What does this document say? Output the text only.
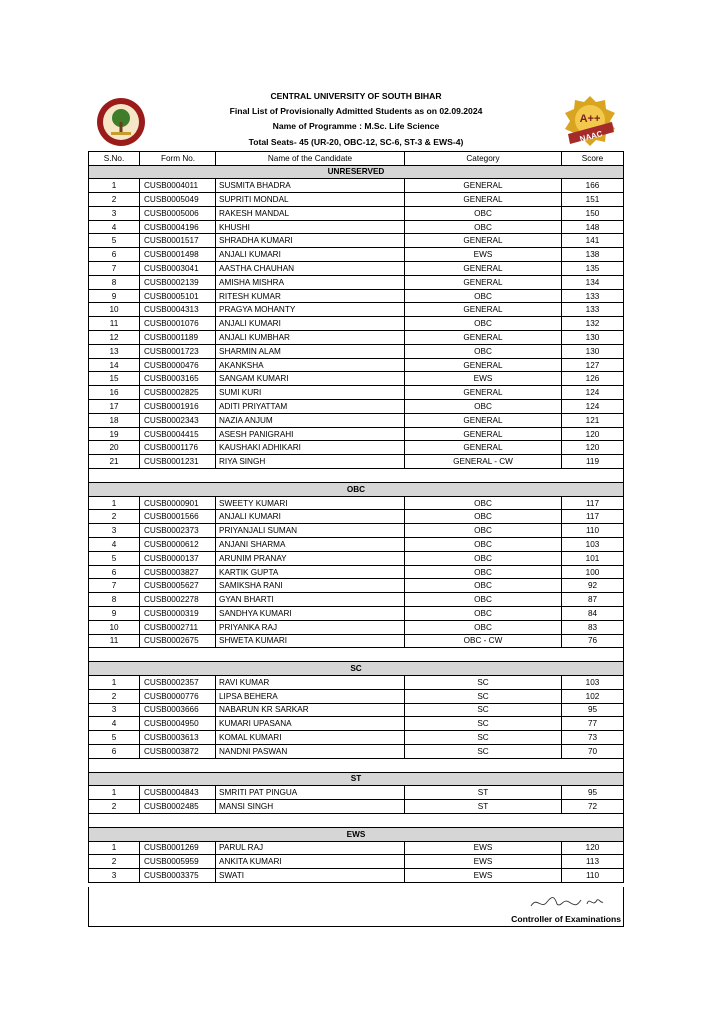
A++
NAAC
CENTRAL UNIVERSITY OF SOUTH BIHAR
Final List of Provisionally Admitted Students as on 02.09.2024
Name of Programme : M.Sc. Life Science
Total Seats- 45 (UR-20, OBC-12, SC-6, ST-3 & EWS-4)
S.No.	Form No.	Name of the Candidate	Category	Score
UNRESERVED				
1	CUSB0004011	SUSMITA BHADRA	GENERAL	166
2	CUSB0005049	SUPRITI MONDAL	GENERAL	151
3	CUSB0005006	RAKESH MANDAL	OBC	150
4	CUSB0004196	KHUSHI	OBC	148
5	CUSB0001517	SHRADHA KUMARI	GENERAL	141
6	CUSB0001498	ANJALI KUMARI	EWS	138
7	CUSB0003041	AASTHA CHAUHAN	GENERAL	135
8	CUSB0002139	AMISHA MISHRA	GENERAL	134
9	CUSB0005101	RITESH KUMAR	OBC	133
10	CUSB0004313	PRAGYA MOHANTY	GENERAL	133
11	CUSB0001076	ANJALI KUMARI	OBC	132
12	CUSB0001189	ANJALI KUMBHAR	GENERAL	130
13	CUSB0001723	SHARMIN ALAM	OBC	130
14	CUSB0000476	AKANKSHA	GENERAL	127
15	CUSB0003165	SANGAM KUMARI	EWS	126
16	CUSB0002825	SUMI KURI	GENERAL	124
17	CUSB0001916	ADITI PRIYATTAM	OBC	124
18	CUSB0002343	NAZIA ANJUM	GENERAL	121
19	CUSB0004415	ASESH PANIGRAHI	GENERAL	120
20	CUSB0001176	KAUSHAKI ADHIKARI	GENERAL	120
21	CUSB0001231	RIYA SINGH	GENERAL - CW	119

OBC				
1	CUSB0000901	SWEETY KUMARI	OBC	117
2	CUSB0001566	ANJALI KUMARI	OBC	117
3	CUSB0002373	PRIYANJALI SUMAN	OBC	110
4	CUSB0000612	ANJANI SHARMA	OBC	103
5	CUSB0000137	ARUNIM PRANAY	OBC	101
6	CUSB0003827	KARTIK GUPTA	OBC	100
7	CUSB0005627	SAMIKSHA RANI	OBC	92
8	CUSB0002278	GYAN BHARTI	OBC	87
9	CUSB0000319	SANDHYA KUMARI	OBC	84
10	CUSB0002711	PRIYANKA RAJ	OBC	83
11	CUSB0002675	SHWETA KUMARI	OBC - CW	76

SC				
1	CUSB0002357	RAVI KUMAR	SC	103
2	CUSB0000776	LIPSA BEHERA	SC	102
3	CUSB0003666	NABARUN KR SARKAR	SC	95
4	CUSB0004950	KUMARI UPASANA	SC	77
5	CUSB0003613	KOMAL KUMARI	SC	73
6	CUSB0003872	NANDNI PASWAN	SC	70

ST				
1	CUSB0004843	SMRITI PAT PINGUA	ST	95
2	CUSB0002485	MANSI SINGH	ST	72

EWS				
1	CUSB0001269	PARUL RAJ	EWS	120
2	CUSB0005959	ANKITA KUMARI	EWS	113
3	CUSB0003375	SWATI	EWS	110
Controller of Examinations
